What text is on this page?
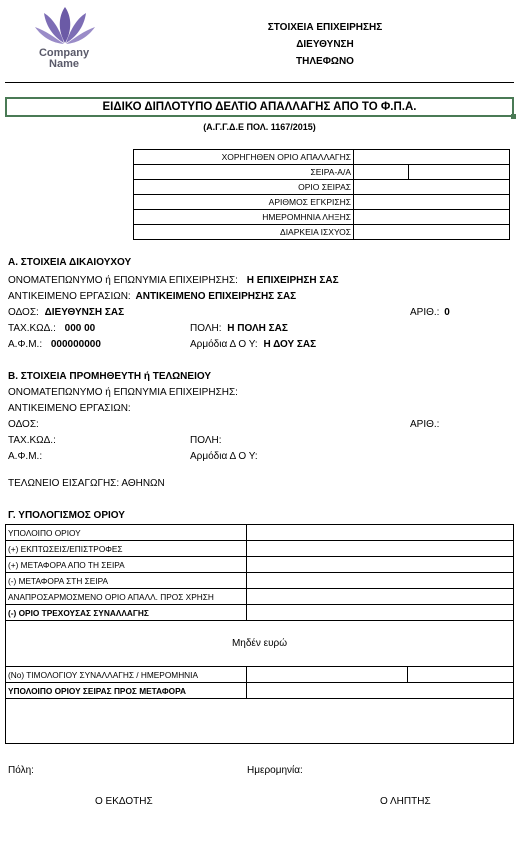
Company
Name
ΣΤΟΙΧΕΙΑ ΕΠΙΧΕΙΡΗΣΗΣ
ΔΙΕΥΘΥΝΣΗ
ΤΗΛΕΦΩΝΟ
ΕΙΔΙΚΟ ΔΙΠΛΟΤΥΠΟ ΔΕΛΤΙΟ ΑΠΑΛΛΑΓΗΣ ΑΠΟ ΤΟ Φ.Π.Α.
(Α.Γ.Γ.Δ.Ε ΠΟΛ. 1167/2015)
ΧΟΡΗΓΗΘΕΝ ΟΡΙΟ ΑΠΑΛΛΑΓΗΣ		
ΣΕΙΡΑ-Α/Α		
ΟΡΙΟ ΣΕΙΡΑΣ		
ΑΡΙΘΜΟΣ ΕΓΚΡΙΣΗΣ		
ΗΜΕΡΟΜΗΝΙΑ ΛΗΞΗΣ		
ΔΙΑΡΚΕΙΑ ΙΣΧΥΟΣ		
Α. ΣΤΟΙΧΕΙΑ ΔΙΚΑΙΟΥΧΟΥ
ΟΝΟΜΑΤΕΠΩΝΥΜΟ ή ΕΠΩΝΥΜΙΑ ΕΠΙΧΕΙΡΗΣΗΣ: Η ΕΠΙΧΕΙΡΗΣΗ ΣΑΣ
ΑΝΤΙΚΕΙΜΕΝΟ ΕΡΓΑΣΙΩΝ: ΑΝΤΙΚΕΙΜΕΝΟ ΕΠΙΧΕΙΡΗΣΗΣ ΣΑΣ
ΟΔΟΣ: ΔΙΕΥΘΥΝΣΗ ΣΑΣ	ΑΡΙΘ.: 0
ΤΑΧ.ΚΩΔ.: 000 00	ΠΟΛΗ: Η ΠΟΛΗ ΣΑΣ
Α.Φ.Μ.: 000000000	Αρμόδια Δ Ο Υ: Η ΔΟΥ ΣΑΣ
Β. ΣΤΟΙΧΕΙΑ ΠΡΟΜΗΘΕΥΤΗ ή ΤΕΛΩΝΕΙΟΥ
ΟΝΟΜΑΤΕΠΩΝΥΜΟ ή ΕΠΩΝΥΜΙΑ ΕΠΙΧΕΙΡΗΣΗΣ:
ΑΝΤΙΚΕΙΜΕΝΟ ΕΡΓΑΣΙΩΝ:
ΟΔΟΣ:	ΑΡΙΘ.:
ΤΑΧ.ΚΩΔ.:	ΠΟΛΗ:
Α.Φ.Μ.:	Αρμόδια Δ Ο Υ:
ΤΕΛΩΝΕΙΟ ΕΙΣΑΓΩΓΗΣ: ΑΘΗΝΩΝ
Γ. ΥΠΟΛΟΓΙΣΜΟΣ ΟΡΙΟΥ
ΥΠΟΛΟΙΠΟ ΟΡΙΟΥ		
(+) ΕΚΠΤΩΣΕΙΣ/ΕΠΙΣΤΡΟΦΕΣ		
(+) ΜΕΤΑΦΟΡΑ ΑΠΟ ΤΗ ΣΕΙΡΑ		
(-) ΜΕΤΑΦΟΡΑ ΣΤΗ ΣΕΙΡΑ		
ΑΝΑΠΡΟΣΑΡΜΟΣΜΕΝΟ ΟΡΙΟ ΑΠΑΛΛ. ΠΡΟΣ ΧΡΗΣΗ		
(-) ΟΡΙΟ ΤΡΕΧΟΥΣΑΣ ΣΥΝΑΛΛΑΓΗΣ		
Μηδέν ευρώ		
(Νο) ΤΙΜΟΛΟΓΙΟΥ ΣΥΝΑΛΛΑΓΗΣ / ΗΜΕΡΟΜΗΝΙΑ		
ΥΠΟΛΟΙΠΟ ΟΡΙΟΥ ΣΕΙΡΑΣ ΠΡΟΣ ΜΕΤΑΦΟΡΑ		

Πόλη:	Ημερομηνία:
Ο ΕΚΔΟΤΗΣ	Ο ΛΗΠΤΗΣ
